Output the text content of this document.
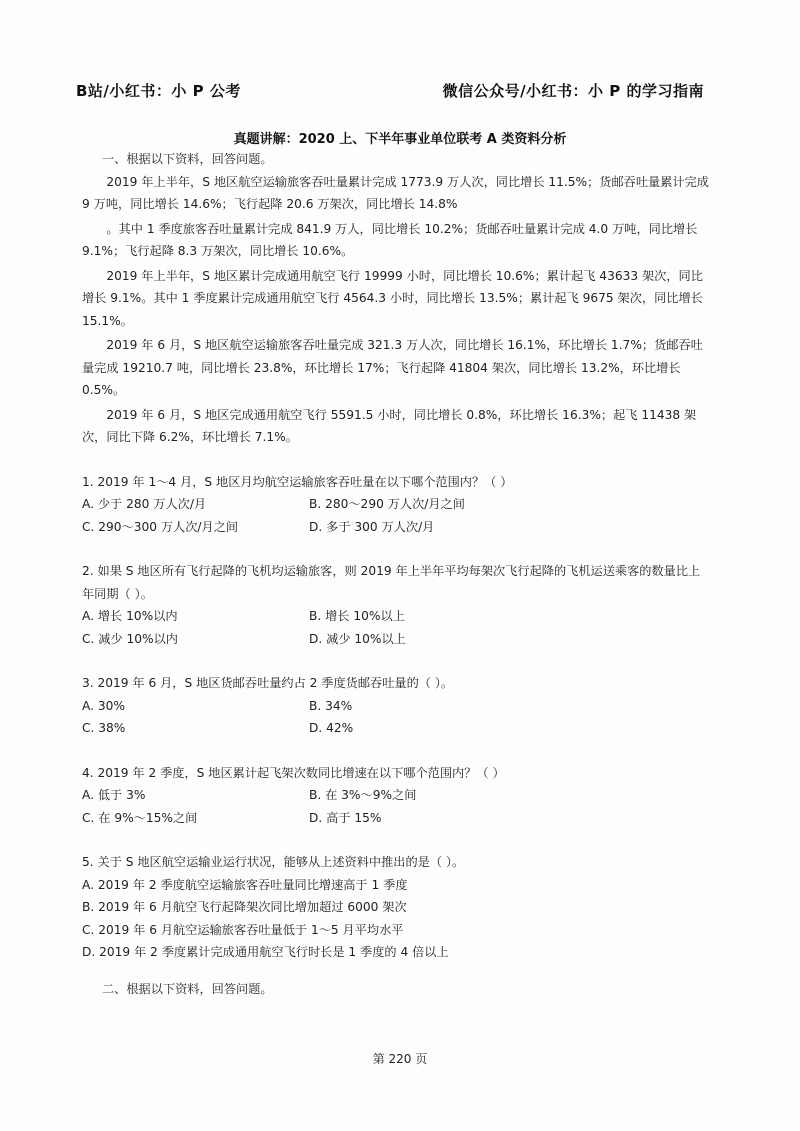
B站/小红书：小 P 公考	微信公众号/小红书：小 P 的学习指南
真题讲解：2020 上、下半年事业单位联考 A 类资料分析

一、根据以下资料，回答问题。

2019 年上半年，S 地区航空运输旅客吞吐量累计完成 1773.9 万人次，同比增长 11.5%；货邮吞吐量累计完成 9 万吨，同比增长 14.6%；飞行起降 20.6 万架次，同比增长 14.8%

。其中 1 季度旅客吞吐量累计完成 841.9 万人，同比增长 10.2%；货邮吞吐量累计完成 4.0 万吨，同比增长 9.1%；飞行起降 8.3 万架次，同比增长 10.6%。

2019 年上半年，S 地区累计完成通用航空飞行 19999 小时，同比增长 10.6%；累计起飞 43633 架次，同比增长 9.1%。其中 1 季度累计完成通用航空飞行 4564.3 小时，同比增长 13.5%；累计起飞 9675 架次，同比增长 15.1%。

2019 年 6 月，S 地区航空运输旅客吞吐量完成 321.3 万人次，同比增长 16.1%，环比增长 1.7%；货邮吞吐量完成 19210.7 吨，同比增长 23.8%，环比增长 17%；飞行起降 41804 架次，同比增长 13.2%，环比增长 0.5%。

2019 年 6 月，S 地区完成通用航空飞行 5591.5 小时，同比增长 0.8%，环比增长 16.3%；起飞 11438 架次，同比下降 6.2%，环比增长 7.1%。

1. 2019 年 1～4 月，S 地区月均航空运输旅客吞吐量在以下哪个范围内？（ ）

A. 少于 280 万人次/月	B. 280～290 万人次/月之间
C. 290～300 万人次/月之间	D. 多于 300 万人次/月

2. 如果 S 地区所有飞行起降的飞机均运输旅客，则 2019 年上半年平均每架次飞行起降的飞机运送乘客的数量比上年同期（ ）。

A. 增长 10%以内	B. 增长 10%以上
C. 减少 10%以内	D. 减少 10%以上

3. 2019 年 6 月，S 地区货邮吞吐量约占 2 季度货邮吞吐量的（ ）。

A. 30%	B. 34%
C. 38%	D. 42%

4. 2019 年 2 季度，S 地区累计起飞架次数同比增速在以下哪个范围内？（ ）

A. 低于 3%	B. 在 3%～9%之间
C. 在 9%～15%之间	D. 高于 15%

5. 关于 S 地区航空运输业运行状况，能够从上述资料中推出的是（ ）。

A. 2019 年 2 季度航空运输旅客吞吐量同比增速高于 1 季度

B. 2019 年 6 月航空飞行起降架次同比增加超过 6000 架次

C. 2019 年 6 月航空运输旅客吞吐量低于 1～5 月平均水平

D. 2019 年 2 季度累计完成通用航空飞行时长是 1 季度的 4 倍以上

二、根据以下资料，回答问题。

第 220 页
